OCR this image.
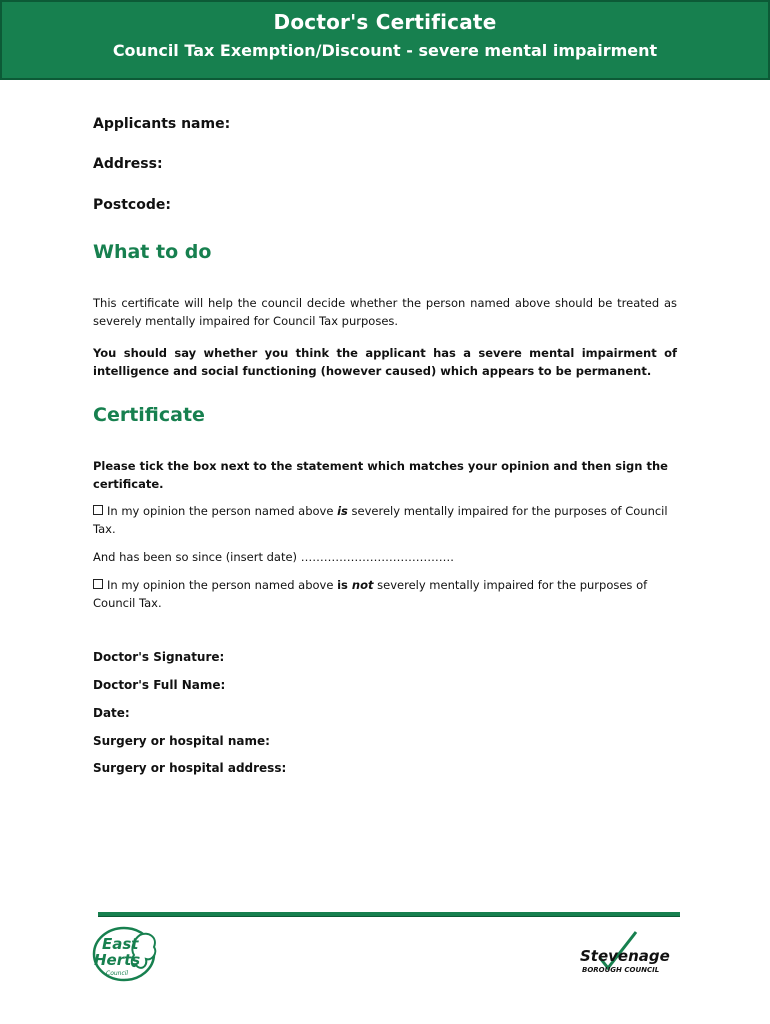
Doctor's Certificate
Council Tax Exemption/Discount - severe mental impairment
Applicants name:
Address:
Postcode:
What to do
This certificate will help the council decide whether the person named above should be treated as severely mentally impaired for Council Tax purposes.
You should say whether you think the applicant has a severe mental impairment of intelligence and social functioning (however caused) which appears to be permanent.
Certificate
Please tick the box next to the statement which matches your opinion and then sign the certificate.
In my opinion the person named above is severely mentally impaired for the purposes of Council Tax.
And has been so since (insert date) ………………………………….
In my opinion the person named above is not severely mentally impaired for the purposes of Council Tax.
Doctor's Signature:
Doctor's Full Name:
Date:
Surgery or hospital name:
Surgery or hospital address:
East
Herts
Council
Stevenage
BOROUGH COUNCIL
